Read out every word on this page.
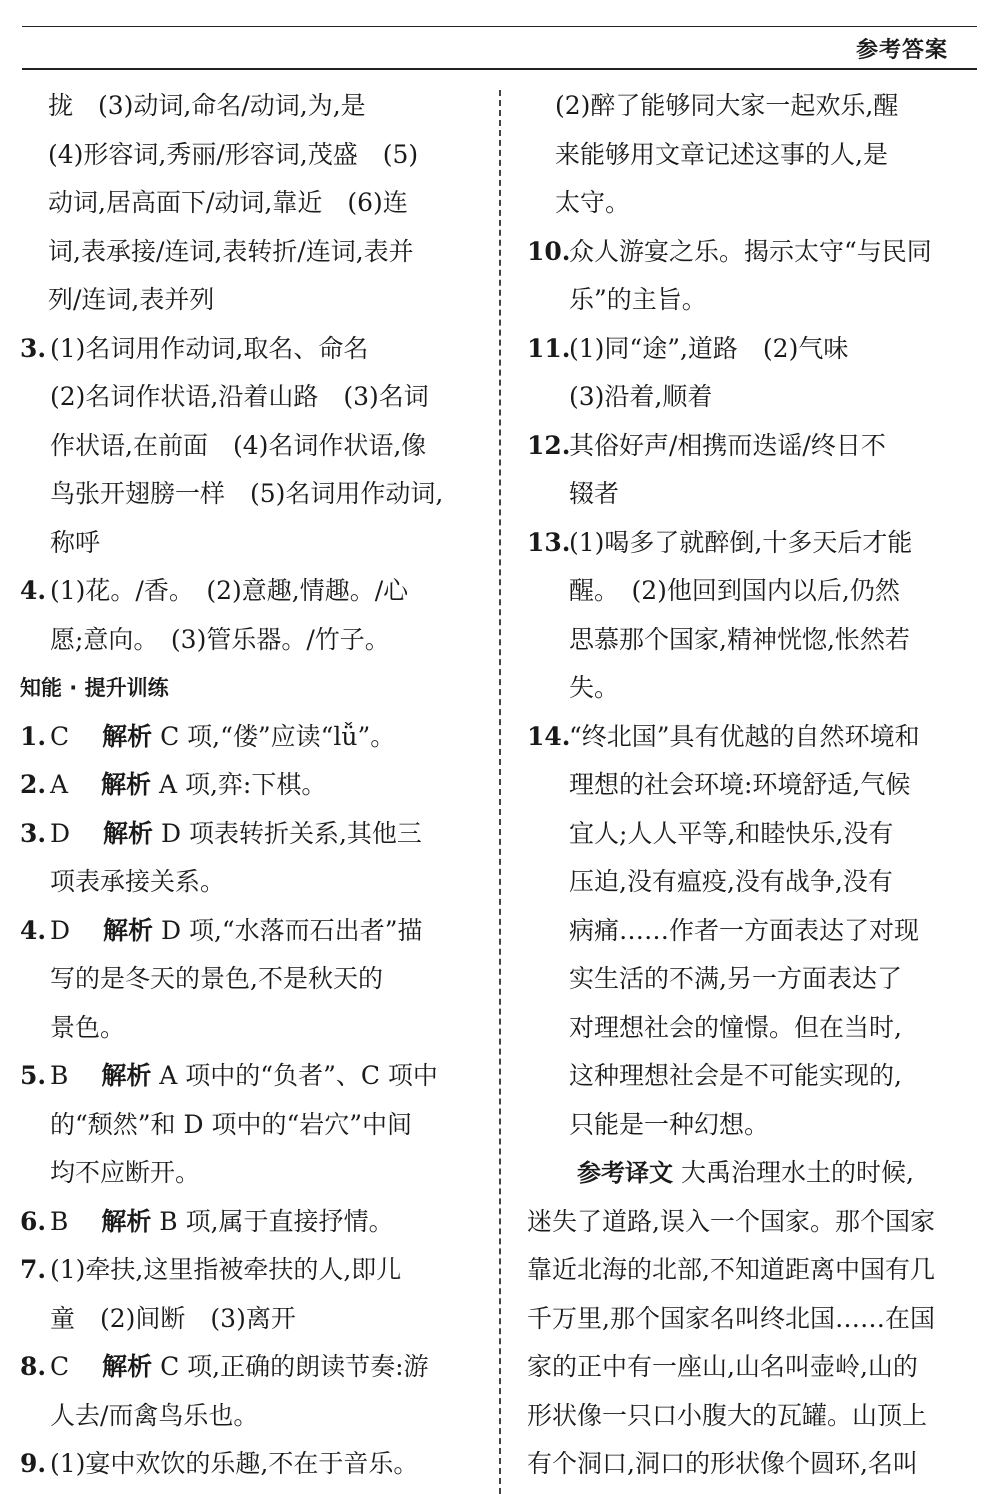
参考答案
拢　(3)动词,命名/动词,为,是
(4)形容词,秀丽/形容词,茂盛　(5)
动词,居高面下/动词,靠近　(6)连
词,表承接/连词,表转折/连词,表并
列/连词,表并列
3. (1)名词用作动词,取名、命名
(2)名词作状语,沿着山路　(3)名词
作状语,在前面　(4)名词作状语,像
鸟张开翅膀一样　(5)名词用作动词,
称呼
4. (1)花。/香。　(2)意趣,情趣。/心
愿;意向。　(3)管乐器。/竹子。
知能 · 提升训练
1. C　 解析 C 项,“偻”应读“lǚ”。
2. A　 解析 A 项,弈:下棋。
3. D　 解析 D 项表转折关系,其他三
项表承接关系。
4. D　 解析 D 项,“水落而石出者”描
写的是冬天的景色,不是秋天的
景色。
5. B　 解析 A 项中的“负者”、C 项中
的“颓然”和 D 项中的“岩穴”中间
均不应断开。
6. B　 解析 B 项,属于直接抒情。
7. (1)牵扶,这里指被牵扶的人,即儿
童　(2)间断　(3)离开
8. C　 解析 C 项,正确的朗读节奏:游
人去/而禽鸟乐也。
9. (1)宴中欢饮的乐趣,不在于音乐。
(2)醉了能够同大家一起欢乐,醒
来能够用文章记述这事的人,是
太守。
10.
众人游宴之乐。揭示太守“与民同
乐”的主旨。
11.
(1)同“途”,道路　(2)气味
(3)沿着,顺着
12.
其俗好声/相携而迭谣/终日不
辍者
13.
(1)喝多了就醉倒,十多天后才能
醒。　(2)他回到国内以后,仍然
思慕那个国家,精神恍惚,怅然若
失。
14.
“终北国”具有优越的自然环境和
理想的社会环境:环境舒适,气候
宜人;人人平等,和睦快乐,没有
压迫,没有瘟疫,没有战争,没有
病痛……作者一方面表达了对现
实生活的不满,另一方面表达了
对理想社会的憧憬。但在当时,
这种理想社会是不可能实现的,
只能是一种幻想。
参考译文 大禹治理水土的时候,
迷失了道路,误入一个国家。那个国家
靠近北海的北部,不知道距离中国有几
千万里,那个国家名叫终北国……在国
家的正中有一座山,山名叫壶岭,山的
形状像一只口小腹大的瓦罐。山顶上
有个洞口,洞口的形状像个圆环,名叫
